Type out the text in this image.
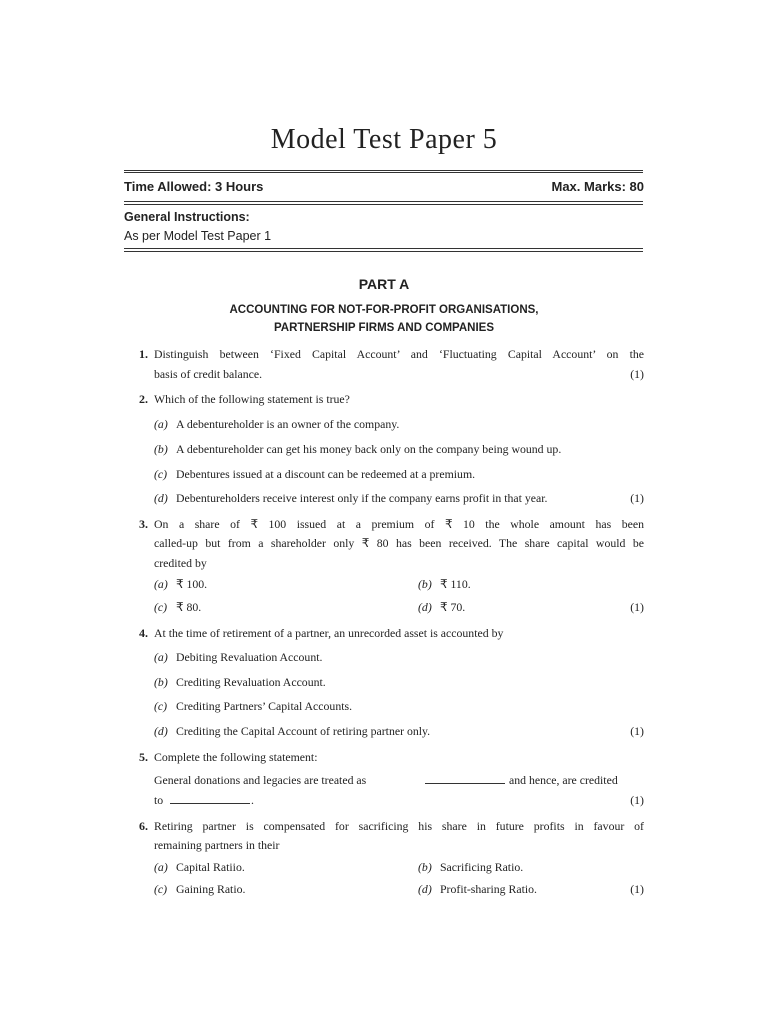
Model Test Paper 5
Time Allowed: 3 Hours	Max. Marks: 80
General Instructions:
As per Model Test Paper 1
PART A
ACCOUNTING FOR NOT-FOR-PROFIT ORGANISATIONS,
PARTNERSHIP FIRMS AND COMPANIES
1. Distinguish between ‘Fixed Capital Account’ and ‘Fluctuating Capital Account’ on the
basis of credit balance.	(1)
2. Which of the following statement is true?
(a) A debentureholder is an owner of the company.
(b) A debentureholder can get his money back only on the company being wound up.
(c) Debentures issued at a discount can be redeemed at a premium.
(d) Debentureholders receive interest only if the company earns profit in that year.	(1)
3. On a share of ₹ 100 issued at a premium of ₹ 10 the whole amount has been
called-up but from a shareholder only ₹ 80 has been received. The share capital would be
credited by
(a) ₹ 100.	(b) ₹ 110.
(c) ₹ 80.	(d) ₹ 70.	(1)
4. At the time of retirement of a partner, an unrecorded asset is accounted by
(a) Debiting Revaluation Account.
(b) Crediting Revaluation Account.
(c) Crediting Partners’ Capital Accounts.
(d) Crediting the Capital Account of retiring partner only.	(1)
5. Complete the following statement:
General donations and legacies are treated as	and hence, are credited
to	.	(1)
6. Retiring partner is compensated for sacrificing his share in future profits in favour of
remaining partners in their
(a) Capital Ratiio.	(b) Sacrificing Ratio.
(c) Gaining Ratio.	(d) Profit-sharing Ratio.	(1)
